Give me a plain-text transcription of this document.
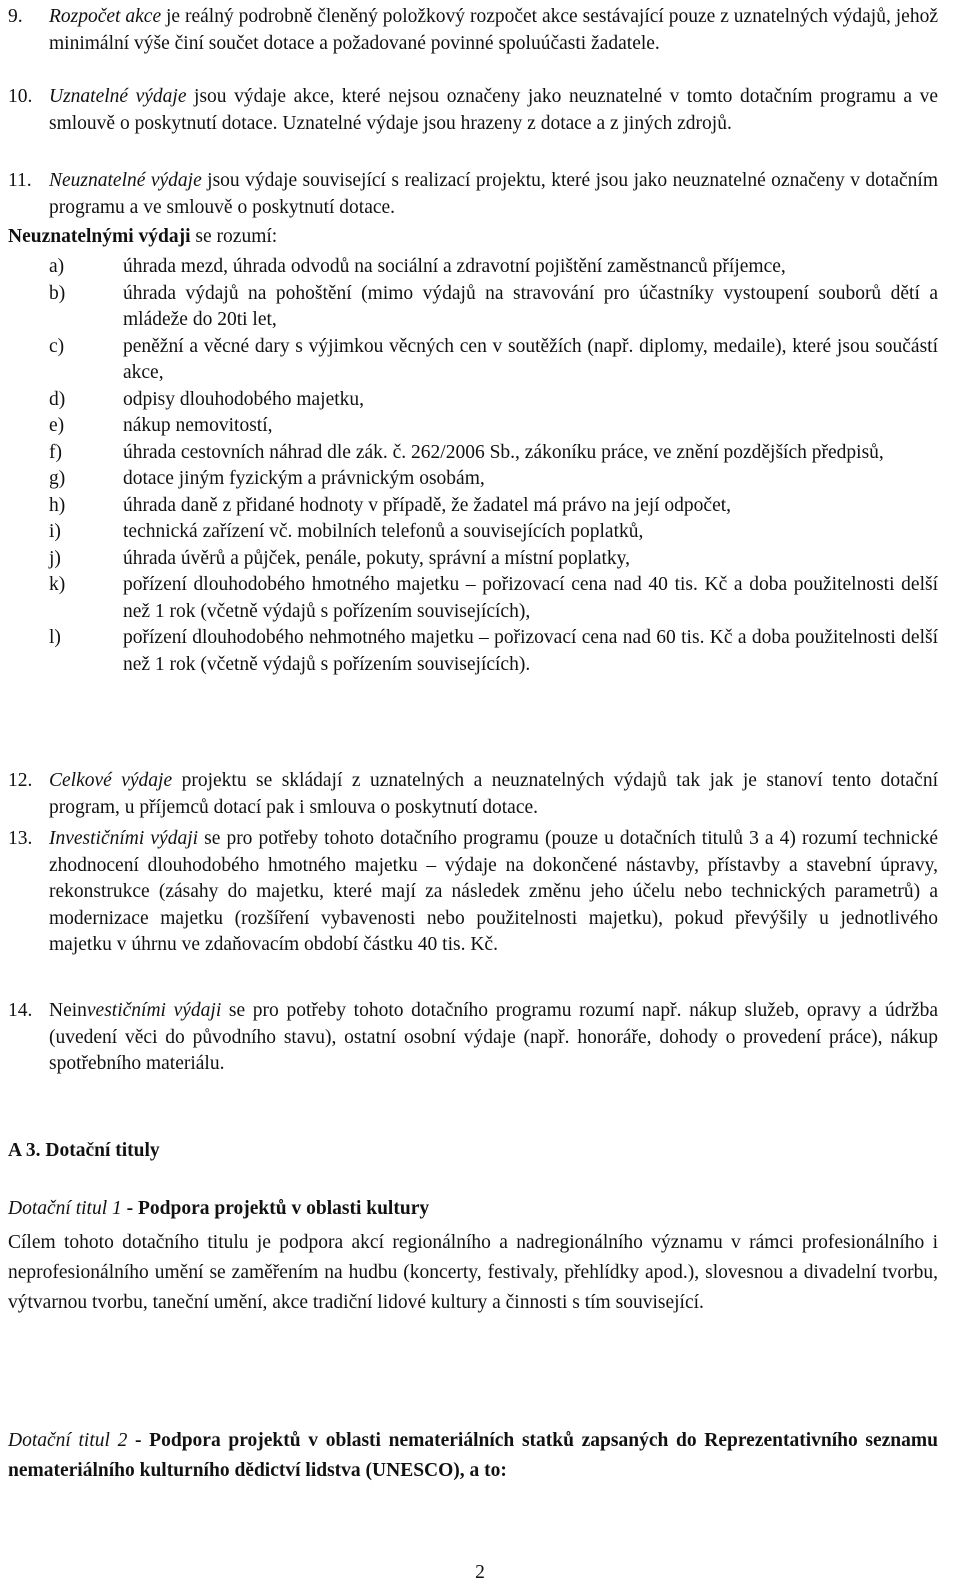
9. Rozpočet akce je reálný podrobně členěný položkový rozpočet akce sestávající pouze z uznatelných výdajů, jehož minimální výše činí součet dotace a požadované povinné spoluúčasti žadatele.
10. Uznatelné výdaje jsou výdaje akce, které nejsou označeny jako neuznatelné v tomto dotačním programu a ve smlouvě o poskytnutí dotace. Uznatelné výdaje jsou hrazeny z dotace a z jiných zdrojů.
11. Neuznatelné výdaje jsou výdaje související s realizací projektu, které jsou jako neuznatelné označeny v dotačním programu a ve smlouvě o poskytnutí dotace.
Neuznatelnými výdaji se rozumí:
a)	úhrada mezd, úhrada odvodů na sociální a zdravotní pojištění zaměstnanců příjemce,
b)	úhrada výdajů na pohoštění (mimo výdajů na stravování pro účastníky vystoupení souborů dětí a mládeže do 20ti let,
c)	peněžní a věcné dary s výjimkou věcných cen v soutěžích (např. diplomy, medaile), které jsou součástí akce,
d)	odpisy dlouhodobého majetku,
e)	nákup nemovitostí,
f)	úhrada cestovních náhrad dle zák. č. 262/2006 Sb., zákoníku práce, ve znění pozdějších předpisů,
g)	dotace jiným fyzickým a právnickým osobám,
h)	úhrada daně z přidané hodnoty v případě, že žadatel má právo na její odpočet,
i)	technická zařízení vč. mobilních telefonů a souvisejících poplatků,
j)	úhrada úvěrů a půjček, penále, pokuty, správní a místní poplatky,
k)	pořízení dlouhodobého hmotného majetku – pořizovací cena nad 40 tis. Kč a doba použitelnosti delší než 1 rok (včetně výdajů s pořízením souvisejících),
l)	pořízení dlouhodobého nehmotného majetku – pořizovací cena nad 60 tis. Kč a doba použitelnosti delší než 1 rok (včetně výdajů s pořízením souvisejících).
12. Celkové výdaje projektu se skládají z uznatelných a neuznatelných výdajů tak jak je stanoví tento dotační program, u příjemců dotací pak i smlouva o poskytnutí dotace.
13. Investičními výdaji se pro potřeby tohoto dotačního programu (pouze u dotačních titulů 3 a 4) rozumí technické zhodnocení dlouhodobého hmotného majetku – výdaje na dokončené nástavby, přístavby a stavební úpravy, rekonstrukce (zásahy do majetku, které mají za následek změnu jeho účelu nebo technických parametrů) a modernizace majetku (rozšíření vybavenosti nebo použitelnosti majetku), pokud převýšily u jednotlivého majetku v úhrnu ve zdaňovacím období částku 40 tis. Kč.
14. Neinvestičními výdaji se pro potřeby tohoto dotačního programu rozumí např. nákup služeb, opravy a údržba (uvedení věci do původního stavu), ostatní osobní výdaje (např. honoráře, dohody o provedení práce), nákup spotřebního materiálu.
A 3. Dotační tituly
Dotační titul 1 - Podpora projektů v oblasti kultury
Cílem tohoto dotačního titulu je podpora akcí regionálního a nadregionálního významu v rámci profesionálního i neprofesionálního umění se zaměřením na hudbu (koncerty, festivaly, přehlídky apod.), slovesnou a divadelní tvorbu, výtvarnou tvorbu, taneční umění, akce tradiční lidové kultury a činnosti s tím související.
Dotační titul 2 - Podpora projektů v oblasti nemateriálních statků zapsaných do Reprezentativního seznamu nemateriálního kulturního dědictví lidstva (UNESCO), a to:
2
